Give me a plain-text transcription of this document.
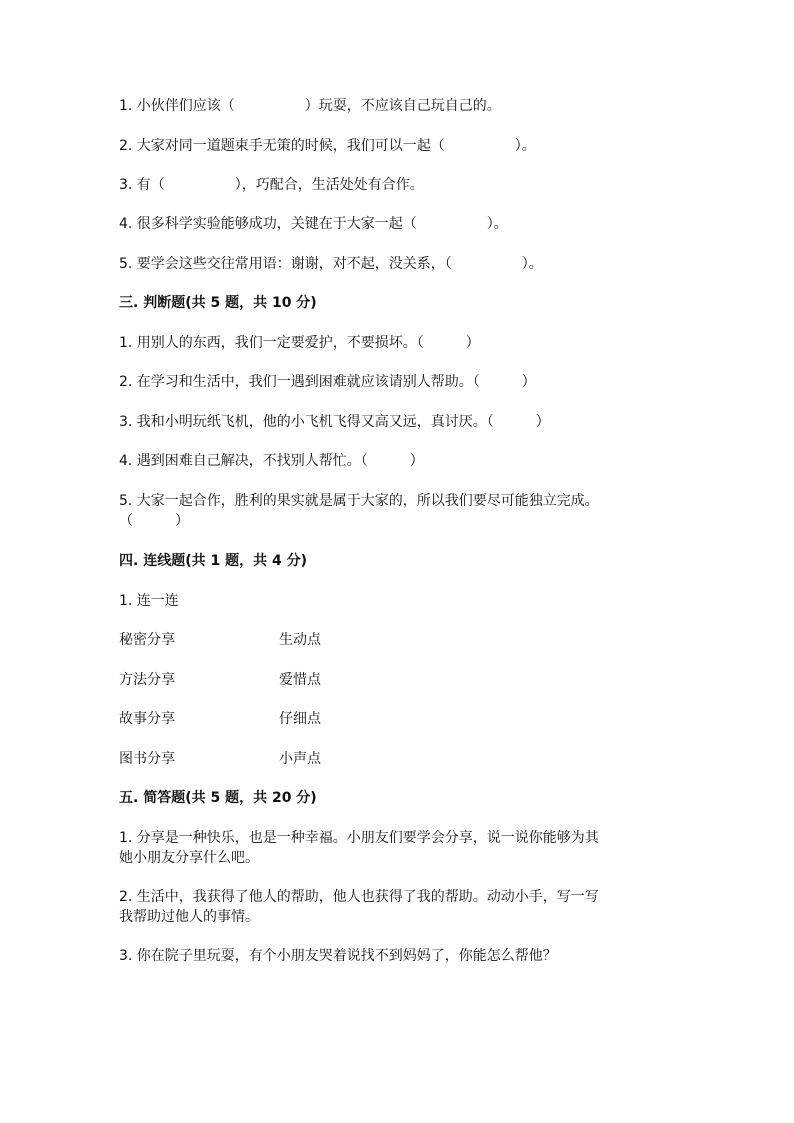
1. 小伙伴们应该（　　　　　）玩耍，不应该自己玩自己的。
2. 大家对同一道题束手无策的时候，我们可以一起（　　　　　）。
3. 有（　　　　　），巧配合，生活处处有合作。
4. 很多科学实验能够成功，关键在于大家一起（　　　　　）。
5. 要学会这些交往常用语：谢谢，对不起，没关系，（　　　　　）。
三. 判断题(共 5 题，共 10 分)
1. 用别人的东西，我们一定要爱护，不要损坏。（　　　）
2. 在学习和生活中，我们一遇到困难就应该请别人帮助。（　　　）
3. 我和小明玩纸飞机，他的小飞机飞得又高又远，真讨厌。（　　　）
4. 遇到困难自己解决，不找别人帮忙。（　　　）
5. 大家一起合作，胜利的果实就是属于大家的，所以我们要尽可能独立完成。
（　　　）
四. 连线题(共 1 题，共 4 分)
1. 连一连
秘密分享	生动点
方法分享	爱惜点
故事分享	仔细点
图书分享	小声点
五. 简答题(共 5 题，共 20 分)
1. 分享是一种快乐，也是一种幸福。小朋友们要学会分享，说一说你能够为其
她小朋友分享什么吧。
2. 生活中，我获得了他人的帮助，他人也获得了我的帮助。动动小手，写一写
我帮助过他人的事情。
3. 你在院子里玩耍，有个小朋友哭着说找不到妈妈了，你能怎么帮他？
